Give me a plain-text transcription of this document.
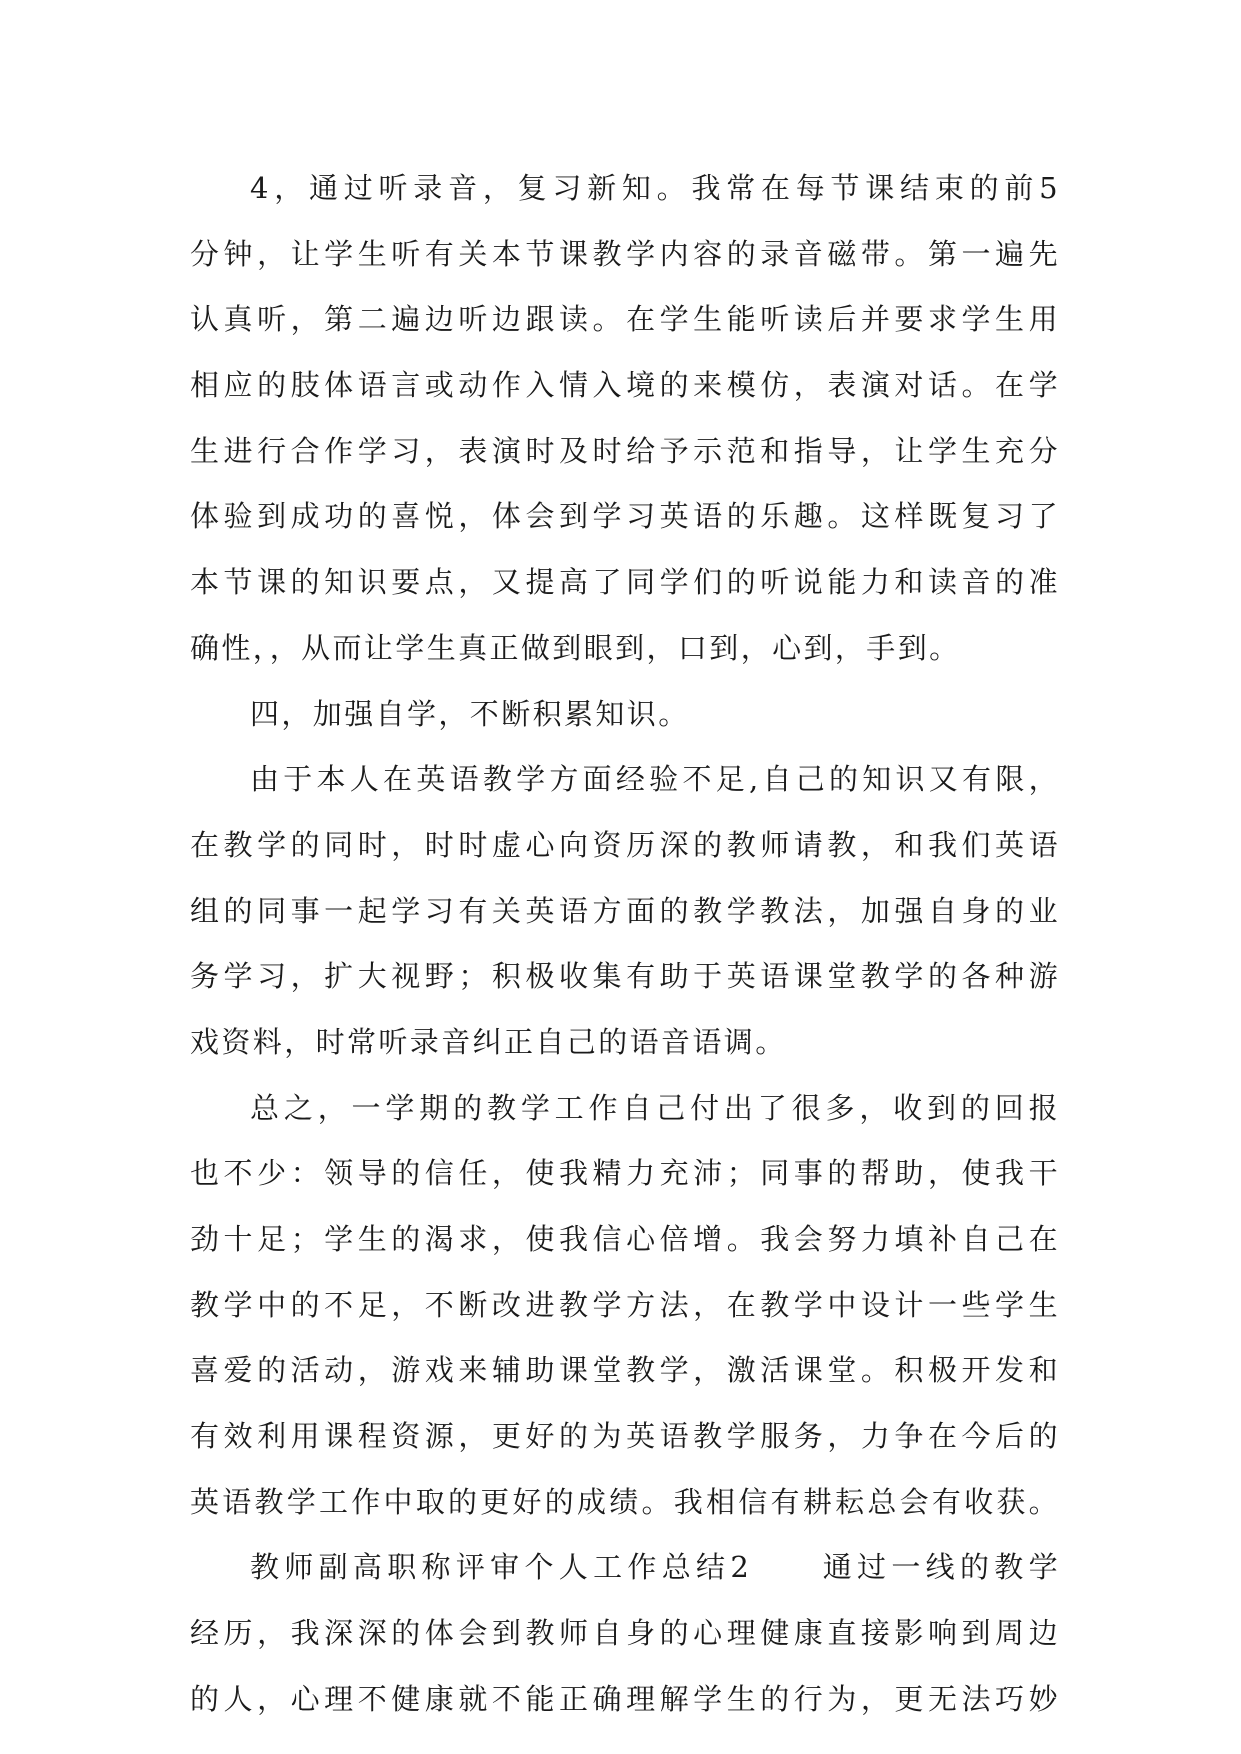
4，通过听录音，复习新知。我常在每节课结束的前5
分钟，让学生听有关本节课教学内容的录音磁带。第一遍先
认真听，第二遍边听边跟读。在学生能听读后并要求学生用
相应的肢体语言或动作入情入境的来模仿，表演对话。在学
生进行合作学习，表演时及时给予示范和指导，让学生充分
体验到成功的喜悦，体会到学习英语的乐趣。这样既复习了
本节课的知识要点，又提高了同学们的听说能力和读音的准
确性，，从而让学生真正做到眼到，口到，心到，手到。
四，加强自学，不断积累知识。
由于本人在英语教学方面经验不足,自己的知识又有限，
在教学的同时，时时虚心向资历深的教师请教，和我们英语
组的同事一起学习有关英语方面的教学教法，加强自身的业
务学习，扩大视野；积极收集有助于英语课堂教学的各种游
戏资料，时常听录音纠正自己的语音语调。
总之，一学期的教学工作自己付出了很多，收到的回报
也不少：领导的信任，使我精力充沛；同事的帮助，使我干
劲十足；学生的渴求，使我信心倍增。我会努力填补自己在
教学中的不足，不断改进教学方法，在教学中设计一些学生
喜爱的活动，游戏来辅助课堂教学，激活课堂。积极开发和
有效利用课程资源，更好的为英语教学服务，力争在今后的
英语教学工作中取的更好的成绩。我相信有耕耘总会有收获。
教师副高职称评审个人工作总结2　　通过一线的教学
经历，我深深的体会到教师自身的心理健康直接影响到周边
的人，心理不健康就不能正确理解学生的行为，更无法巧妙
